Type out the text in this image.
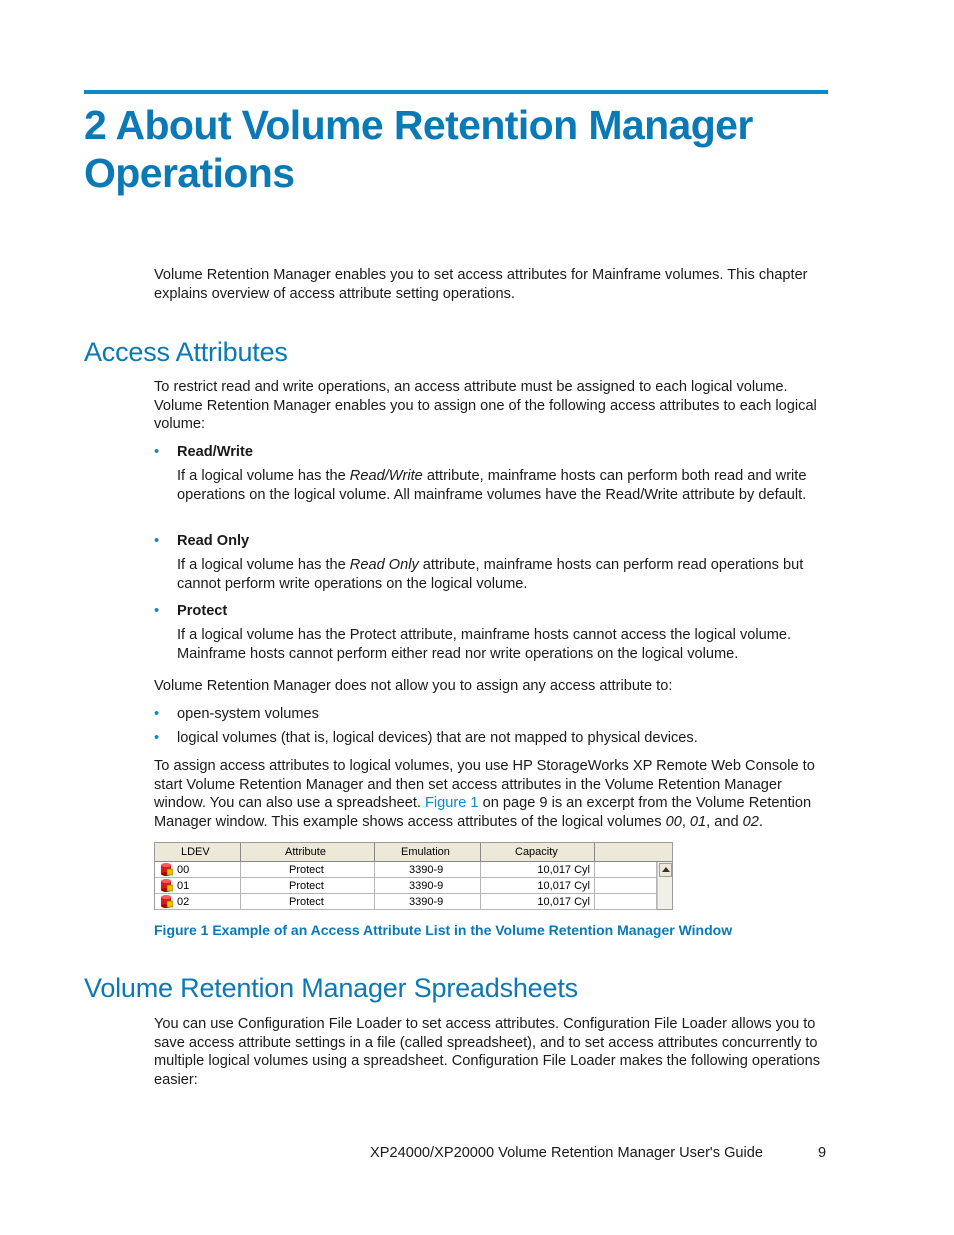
2 About Volume Retention Manager Operations

Volume Retention Manager enables you to set access attributes for Mainframe volumes. This chapter explains overview of access attribute setting operations.

Access Attributes

To restrict read and write operations, an access attribute must be assigned to each logical volume. Volume Retention Manager enables you to assign one of the following access attributes to each logical volume:

• Read/Write

If a logical volume has the Read/Write attribute, mainframe hosts can perform both read and write operations on the logical volume. All mainframe volumes have the Read/Write attribute by default.

• Read Only

If a logical volume has the Read Only attribute, mainframe hosts can perform read operations but cannot perform write operations on the logical volume.

• Protect

If a logical volume has the Protect attribute, mainframe hosts cannot access the logical volume. Mainframe hosts cannot perform either read nor write operations on the logical volume.

Volume Retention Manager does not allow you to assign any access attribute to:

• open-system volumes
• logical volumes (that is, logical devices) that are not mapped to physical devices.

To assign access attributes to logical volumes, you use HP StorageWorks XP Remote Web Console to start Volume Retention Manager and then set access attributes in the Volume Retention Manager window. You can also use a spreadsheet. Figure 1 on page 9 is an excerpt from the Volume Retention Manager window. This example shows access attributes of the logical volumes 00, 01, and 02.

LDEV	Attribute	Emulation	Capacity
00	Protect	3390-9	10,017 Cyl
01	Protect	3390-9	10,017 Cyl
02	Protect	3390-9	10,017 Cyl
Figure 1 Example of an Access Attribute List in the Volume Retention Manager Window
Volume Retention Manager Spreadsheets

You can use Configuration File Loader to set access attributes. Configuration File Loader allows you to save access attribute settings in a file (called spreadsheet), and to set access attributes concurrently to multiple logical volumes using a spreadsheet. Configuration File Loader makes the following operations easier:

XP24000/XP20000 Volume Retention Manager User's Guide	9
